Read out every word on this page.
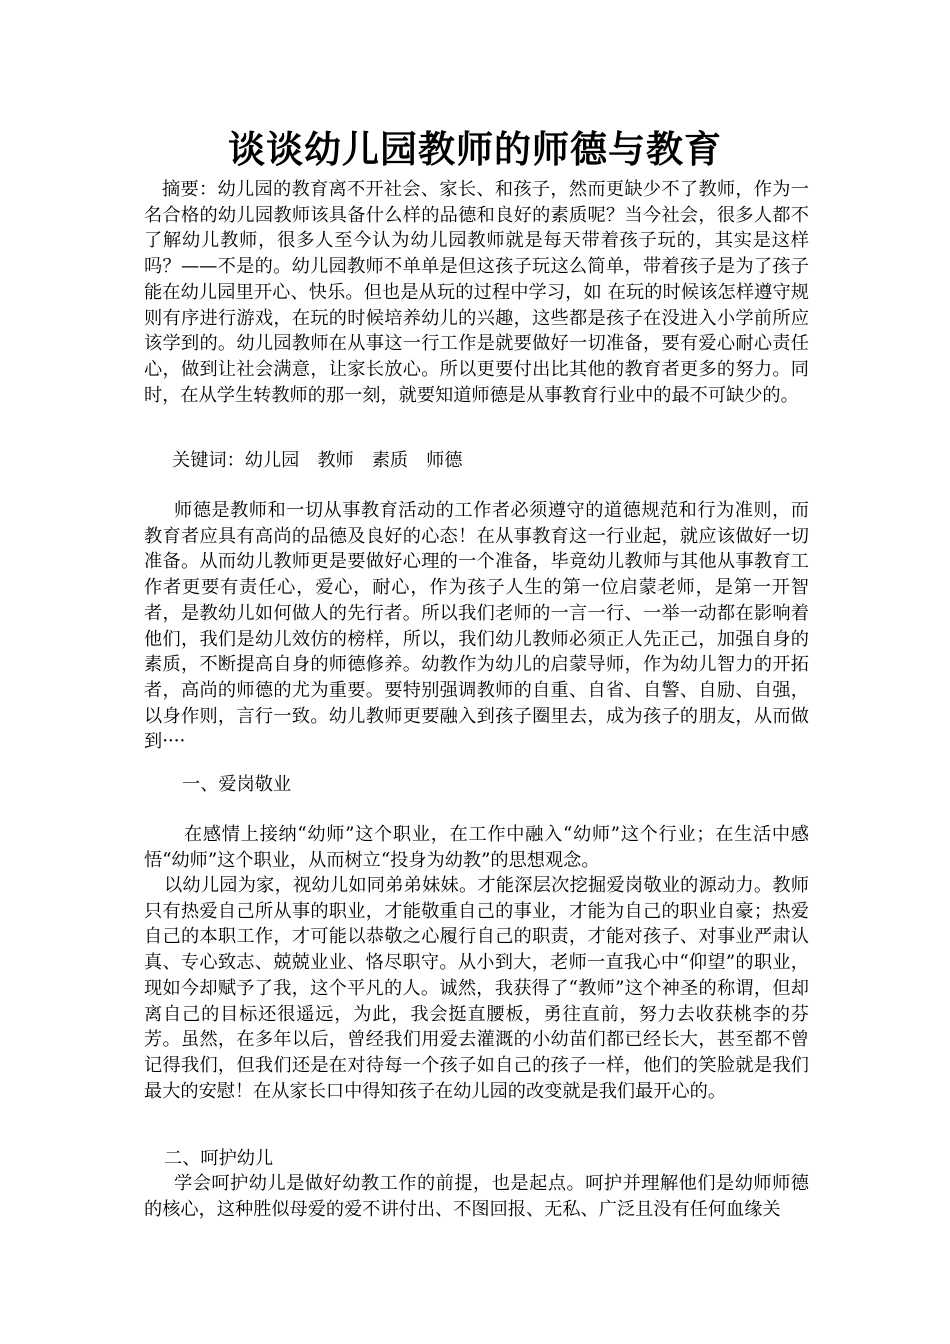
谈谈幼儿园教师的师德与教育

摘要：幼儿园的教育离不开社会、家长、和孩子，然而更缺少不了教师，作为一名合格的幼儿园教师该具备什么样的品德和良好的素质呢？当今社会，很多人都不了解幼儿教师，很多人至今认为幼儿园教师就是每天带着孩子玩的，其实是这样吗？——不是的。幼儿园教师不单单是但这孩子玩这么简单，带着孩子是为了孩子能在幼儿园里开心、快乐。但也是从玩的过程中学习，如 在玩的时候该怎样遵守规则有序进行游戏，在玩的时候培养幼儿的兴趣，这些都是孩子在没进入小学前所应该学到的。幼儿园教师在从事这一行工作是就要做好一切准备，要有爱心耐心责任心，做到让社会满意，让家长放心。所以更要付出比其他的教育者更多的努力。同时，在从学生转教师的那一刻，就要知道师德是从事教育行业中的最不可缺少的。

关键词：幼儿园 教师 素质 师德

师德是教师和一切从事教育活动的工作者必须遵守的道德规范和行为准则，而教育者应具有高尚的品德及良好的心态！在从事教育这一行业起，就应该做好一切准备。从而幼儿教师更是要做好心理的一个准备，毕竟幼儿教师与其他从事教育工作者更要有责任心，爱心，耐心，作为孩子人生的第一位启蒙老师，是第一开智者，是教幼儿如何做人的先行者。所以我们老师的一言一行、一举一动都在影响着他们，我们是幼儿效仿的榜样，所以，我们幼儿教师必须正人先正己，加强自身的素质，不断提高自身的师德修养。幼教作为幼儿的启蒙导师，作为幼儿智力的开拓者，高尚的师德的尤为重要。要特别强调教师的自重、自省、自警、自励、自强，以身作则，言行一致。幼儿教师更要融入到孩子圈里去，成为孩子的朋友，从而做到····

一、爱岗敬业

在感情上接纳“幼师”这个职业，在工作中融入“幼师”这个行业；在生活中感悟“幼师”这个职业，从而树立“投身为幼教”的思想观念。

以幼儿园为家，视幼儿如同弟弟妹妹。才能深层次挖掘爱岗敬业的源动力。教师只有热爱自己所从事的职业，才能敬重自己的事业，才能为自己的职业自豪；热爱自己的本职工作，才可能以恭敬之心履行自己的职责，才能对孩子、对事业严肃认真、专心致志、兢兢业业、恪尽职守。从小到大，老师一直我心中“仰望”的职业，现如今却赋予了我，这个平凡的人。诚然，我获得了“教师”这个神圣的称谓，但却离自己的目标还很遥远，为此，我会挺直腰板，勇往直前，努力去收获桃李的芬芳。虽然，在多年以后，曾经我们用爱去灌溉的小幼苗们都已经长大，甚至都不曾记得我们，但我们还是在对待每一个孩子如自己的孩子一样，他们的笑脸就是我们最大的安慰！在从家长口中得知孩子在幼儿园的改变就是我们最开心的。

二、呵护幼儿

学会呵护幼儿是做好幼教工作的前提，也是起点。呵护并理解他们是幼师师德的核心，这种胜似母爱的爱不讲付出、不图回报、无私、广泛且没有任何血缘关
